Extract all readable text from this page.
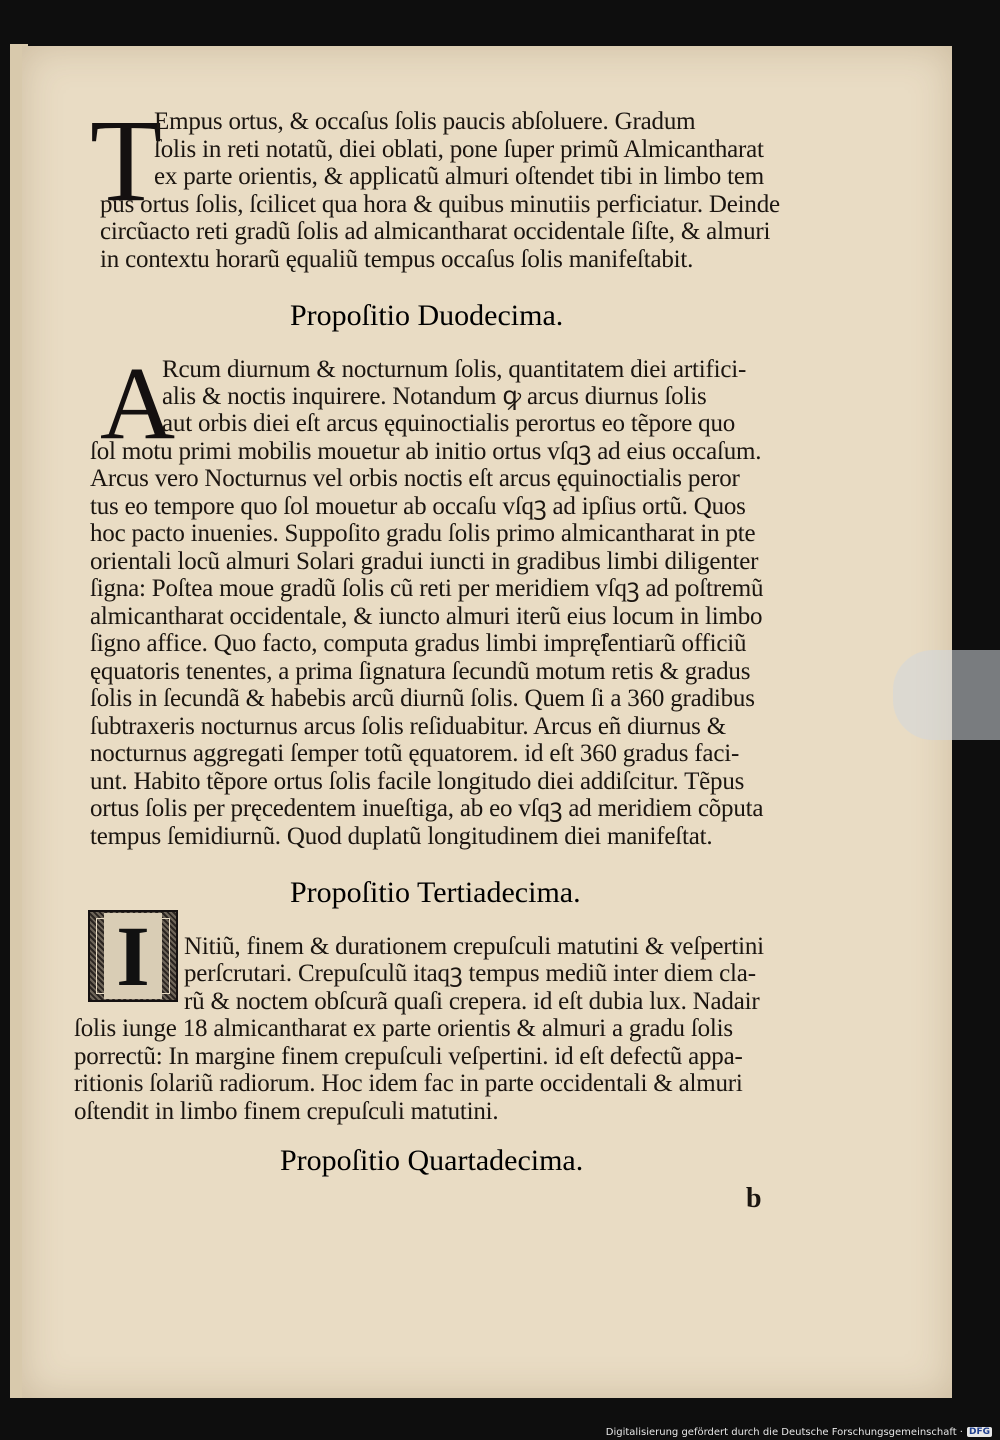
T
Empus ortus, & occaſus ſolis paucis abſoluere. Gradum
ſolis in reti notatũ, diei oblati, pone ſuper primũ Almicantharat
ex parte orientis, & applicatũ almuri oſtendet tibi in limbo tem
pus ortus ſolis, ſcilicet qua hora & quibus minutiis perficiatur. Deinde
circũacto reti gradũ ſolis ad almicantharat occidentale ſiſte, & almuri
in contextu horarũ ęqualiũ tempus occaſus ſolis manifeſtabit.
Propoſitio Duodecima.
A
Rcum diurnum & nocturnum ſolis, quantitatem diei artifici-
alis & noctis inquirere. Notandum ꝙ arcus diurnus ſolis
aut orbis diei eſt arcus ęquinoctialis perortus eo tẽpore quo
ſol motu primi mobilis mouetur ab initio ortus vſqꝫ ad eius occaſum.
Arcus vero Nocturnus vel orbis noctis eſt arcus ęquinoctialis peror
tus eo tempore quo ſol mouetur ab occaſu vſqꝫ ad ipſius ortũ. Quos
hoc pacto inuenies. Suppoſito gradu ſolis primo almicantharat in pte
orientali locũ almuri Solari gradui iuncti in gradibus limbi diligenter
ſigna: Poſtea moue gradũ ſolis cũ reti per meridiem vſqꝫ ad poſtremũ
almicantharat occidentale, & iuncto almuri iterũ eius locum in limbo
ſigno affice. Quo facto, computa gradus limbi imprę̃ſentiarũ officiũ
ęquatoris tenentes, a prima ſignatura ſecundũ motum retis & gradus
ſolis in ſecundã & habebis arcũ diurnũ ſolis. Quem ſi a 360 gradibus
ſubtraxeris nocturnus arcus ſolis reſiduabitur. Arcus eñ diurnus &
nocturnus aggregati ſemper totũ ęquatorem. id eſt 360 gradus faci-
unt. Habito tẽpore ortus ſolis facile longitudo diei addiſcitur. Tẽpus
ortus ſolis per pręcedentem inueſtiga, ab eo vſqꝫ ad meridiem cõputa
tempus ſemidiurnũ. Quod duplatũ longitudinem diei manifeſtat.
Propoſitio Tertiadecima.
I	Nitiũ, finem & durationem crepuſculi matutini & veſpertini
perſcrutari. Crepuſculũ itaqꝫ tempus mediũ inter diem cla-
rũ & noctem obſcurã quaſi crepera. id eſt dubia lux. Nadair
ſolis iunge 18 almicantharat ex parte orientis & almuri a gradu ſolis
porrectũ: In margine finem crepuſculi veſpertini. id eſt defectũ appa-
ritionis ſolariũ radiorum. Hoc idem fac in parte occidentali & almuri
oſtendit in limbo finem crepuſculi matutini.
Propoſitio Quartadecima.
b
Digitalisierung gefördert durch die Deutsche Forschungsgemeinschaft · DFG
